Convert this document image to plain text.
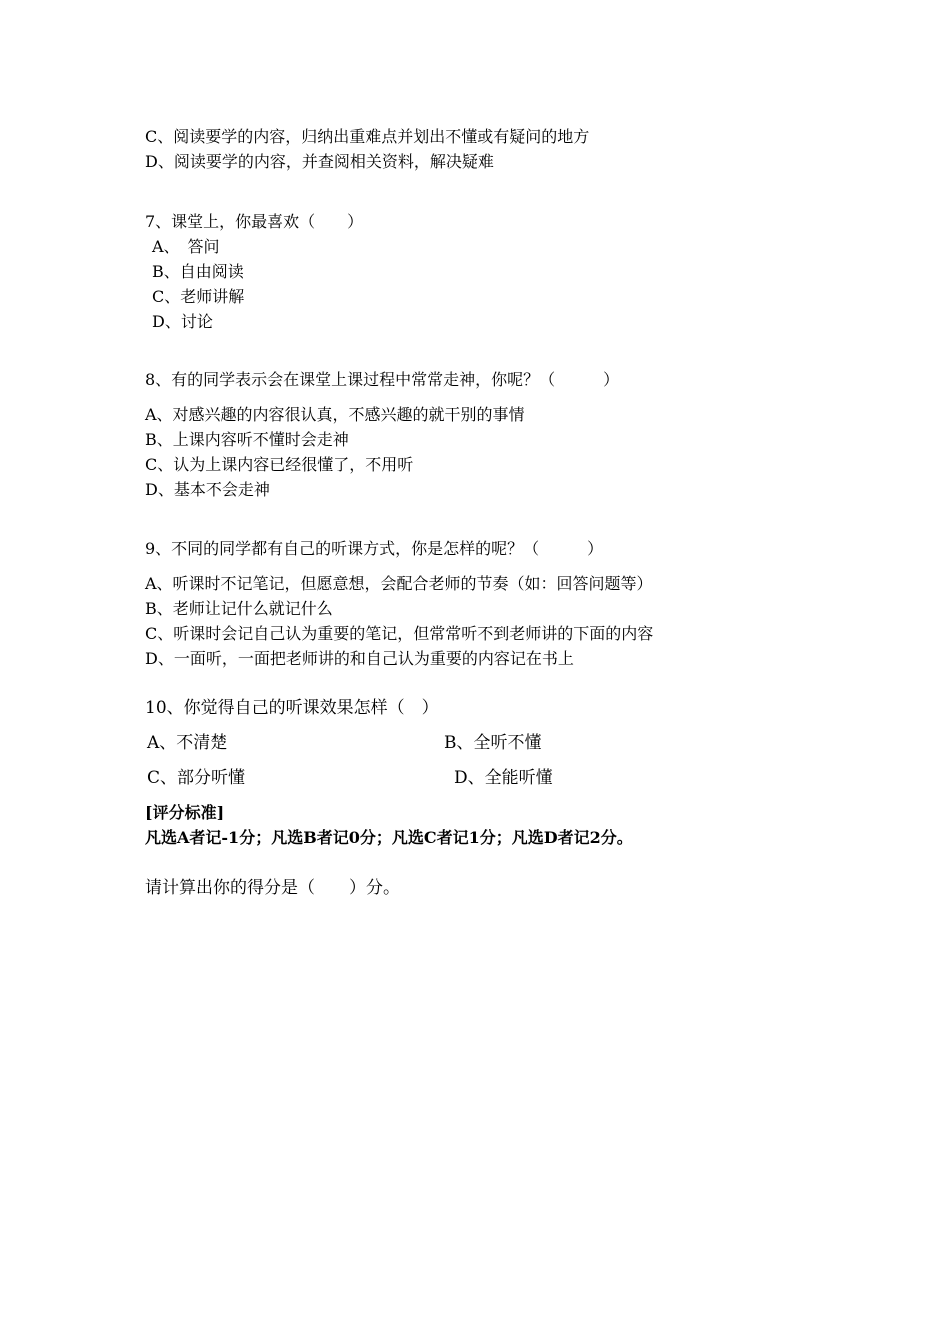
C、阅读要学的内容，归纳出重难点并划出不懂或有疑问的地方
D、阅读要学的内容，并查阅相关资料，解决疑难
7、课堂上，你最喜欢（　　）
A、　答问
B、自由阅读
C、老师讲解
D、讨论
8、有的同学表示会在课堂上课过程中常常走神，你呢？（　　　）
A、对感兴趣的内容很认真，不感兴趣的就干别的事情
B、上课内容听不懂时会走神
C、认为上课内容已经很懂了，不用听
D、基本不会走神
9、不同的同学都有自己的听课方式，你是怎样的呢？（　　　）
A、听课时不记笔记，但愿意想，会配合老师的节奏（如：回答问题等）
B、老师让记什么就记什么
C、听课时会记自己认为重要的笔记，但常常听不到老师讲的下面的内容
D、一面听，一面把老师讲的和自己认为重要的内容记在书上
10、你觉得自己的听课效果怎样（　）
A、不清楚	B、全听不懂
C、部分听懂	D、全能听懂
[评分标准]
凡选A者记-1分；凡选B者记0分；凡选C者记1分；凡选D者记2分。
请计算出你的得分是（　　）分。
